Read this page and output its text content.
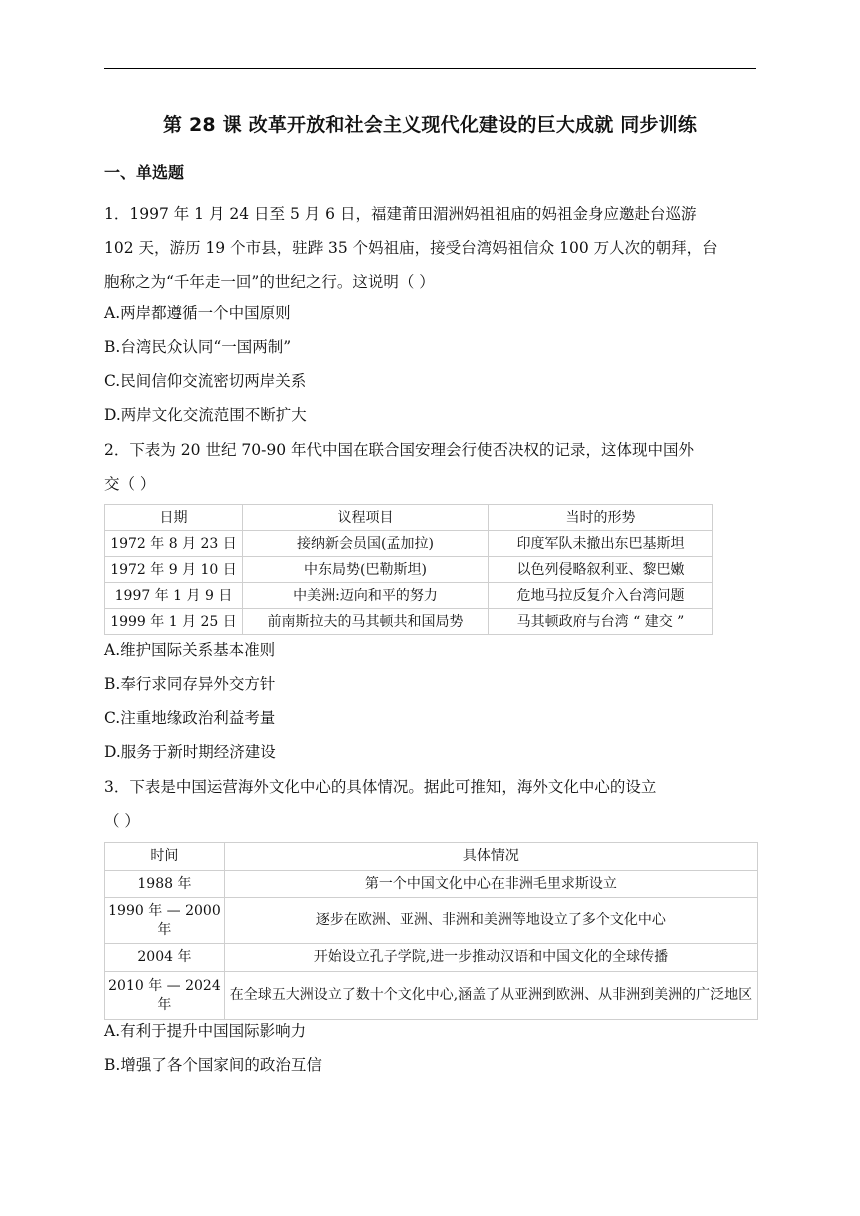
第 28 课 改革开放和社会主义现代化建设的巨大成就 同步训练
一、单选题

1．1997 年 1 月 24 日至 5 月 6 日，福建莆田湄洲妈祖祖庙的妈祖金身应邀赴台巡游
102 天，游历 19 个市县，驻跸 35 个妈祖庙，接受台湾妈祖信众 100 万人次的朝拜，台
胞称之为“千年走一回”的世纪之行。这说明（ ）

A.两岸都遵循一个中国原则

B.台湾民众认同“一国两制”

C.民间信仰交流密切两岸关系

D.两岸文化交流范围不断扩大

2．下表为 20 世纪 70-90 年代中国在联合国安理会行使否决权的记录，这体现中国外
交（ ）

日期	议程项目	当时的形势
1972 年 8 月 23 日	接纳新会员国(孟加拉)	印度军队未撤出东巴基斯坦
1972 年 9 月 10 日	中东局势(巴勒斯坦)	以色列侵略叙利亚、黎巴嫩
1997 年 1 月 9 日	中美洲:迈向和平的努力	危地马拉反复介入台湾问题
1999 年 1 月 25 日	前南斯拉夫的马其顿共和国局势	马其顿政府与台湾 “ 建交 ”

A.维护国际关系基本准则

B.奉行求同存异外交方针

C.注重地缘政治利益考量

D.服务于新时期经济建设

3．下表是中国运营海外文化中心的具体情况。据此可推知，海外文化中心的设立
（ ）

时间	具体情况
1988 年	第一个中国文化中心在非洲毛里求斯设立
1990 年 — 2000 年	逐步在欧洲、亚洲、非洲和美洲等地设立了多个文化中心
2004 年	开始设立孔子学院,进一步推动汉语和中国文化的全球传播
2010 年 — 2024 年	在全球五大洲设立了数十个文化中心,涵盖了从亚洲到欧洲、从非洲到美洲的广泛地区

A.有利于提升中国国际影响力

B.增强了各个国家间的政治互信
